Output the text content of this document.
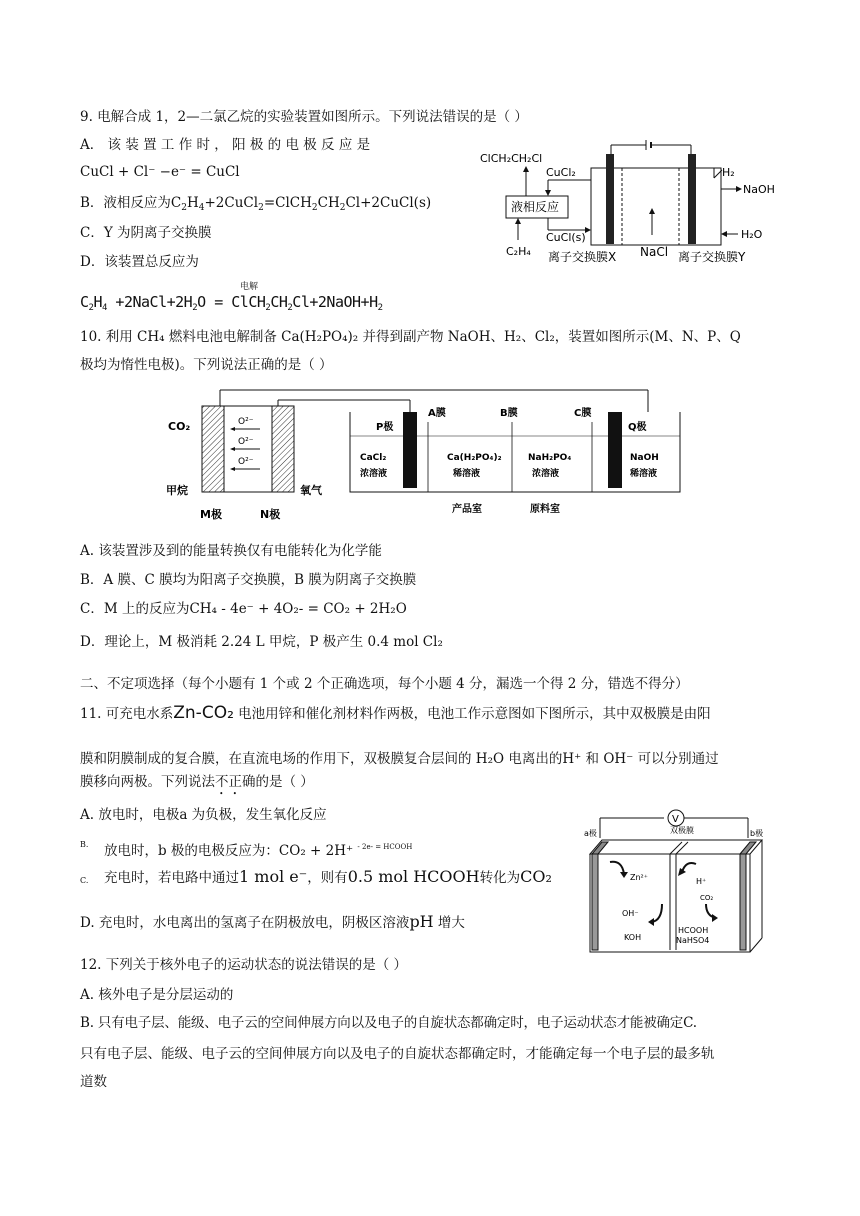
9. 电解合成 1，2—二氯乙烷的实验装置如图所示。下列说法错误的是（ ）
A． 该 装 置 工 作 时 ， 阳 极 的 电 极 反 应 是
CuCl + Cl⁻ −e⁻ = CuCl
B．液相反应为$C_2H_4+2CuCl_2=ClCH_2CH_2Cl+2CuCl(s)$
C．Y 为阴离子交换膜
D．该装置总反应为
电解
$C_2H_4$ $+2NaCl+2H_2O$ = $ClCH_2CH_2Cl+2NaOH+H_2$
H₂
NaOH
H₂O
CuCl₂
液相反应
ClCH₂CH₂Cl
CuCl(s)
C₂H₄ 离子交换膜X NaCl 离子交换膜Y
10. 利用 CH₄ 燃料电池电解制备 Ca(H₂PO₄)₂ 并得到副产物 NaOH、H₂、Cl₂，装置如图所示(M、N、P、Q
极均为惰性电极)。下列说法正确的是（ ）
O²⁻
O²⁻
O²⁻
CO₂
甲烷	氧气
M极	N极
P极
A膜	B膜	C膜
Q极
CaCl₂
浓溶液
Ca(H₂PO₄)₂
稀溶液
NaH₂PO₄
浓溶液
NaOH
稀溶液
产品室	原料室
A. 该装置涉及到的能量转换仅有电能转化为化学能
B．A 膜、C 膜均为阳离子交换膜，B 膜为阴离子交换膜
C．M 上的反应为CH₄ - 4e⁻ + 4O₂- = CO₂ + 2H₂O
D．理论上，M 极消耗 2.24 L 甲烷，P 极产生 0.4 mol Cl₂
二、不定项选择（每个小题有 1 个或 2 个正确选项，每个小题 4 分，漏选一个得 2 分，错选不得分）
11. 可充电水系Zn-CO₂ 电池用锌和催化剂材料作两极，电池工作示意图如下图所示，其中双极膜是由阳
膜和阴膜制成的复合膜，在直流电场的作用下，双极膜复合层间的 H₂O 电离出的H⁺ 和 OH⁻ 可以分别通过
膜移向两极。下列说法不正确的是（ ）
A. 放电时，电极a 为负极，发生氧化反应
B. 放电时，b 极的电极反应为：CO₂ + 2H⁺ $^{- 2e- = HCOOH}$
C. 充电时，若电路中通过1 mol e⁻，则有0.5 mol HCOOH转化为CO₂
D. 充电时，水电离出的氢离子在阴极放电，阴极区溶液pH 增大
V
a极	b极
双极膜
Zn²⁺	H⁺
CO₂
OH⁻
KOH
HCOOH
NaHSO4
12. 下列关于核外电子的运动状态的说法错误的是（ ）
A. 核外电子是分层运动的
B. 只有电子层、能级、电子云的空间伸展方向以及电子的自旋状态都确定时，电子运动状态才能被确定C.
只有电子层、能级、电子云的空间伸展方向以及电子的自旋状态都确定时，才能确定每一个电子层的最多轨
道数
